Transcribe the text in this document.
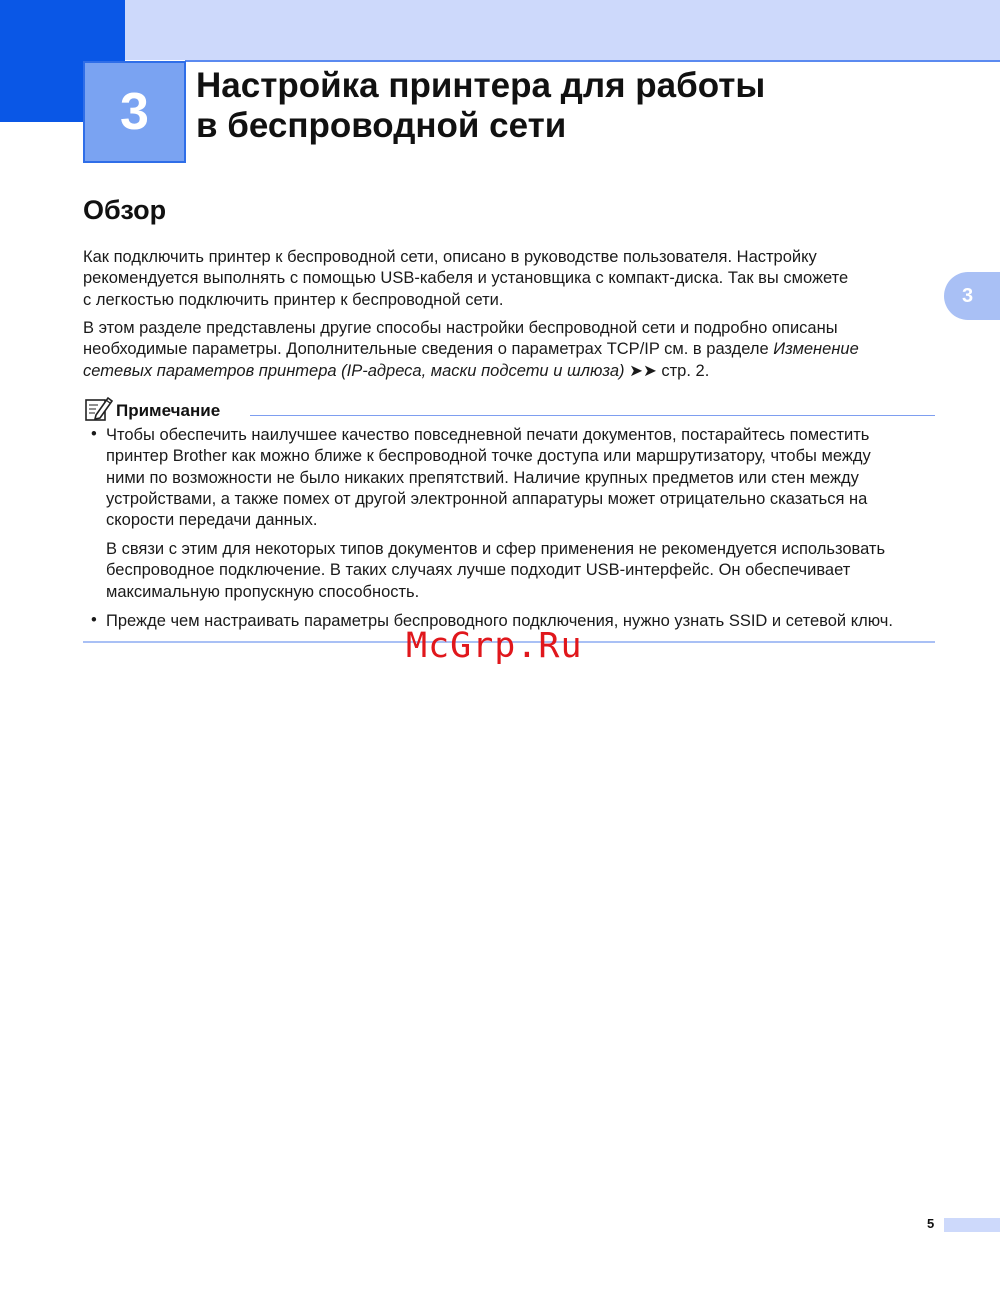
3 Настройка принтера для работы
в беспроводной сети
3
Обзор
Как подключить принтер к беспроводной сети, описано в руководстве пользователя. Настройку
рекомендуется выполнять с помощью USB-кабеля и установщика с компакт-диска. Так вы сможете
с легкостью подключить принтер к беспроводной сети.
В этом разделе представлены другие способы настройки беспроводной сети и подробно описаны
необходимые параметры. Дополнительные сведения о параметрах TCP/IP см. в разделе Изменение
сетевых параметров принтера (IP-адреса, маски подсети и шлюза) ➤➤ стр. 2.
Примечание
• Чтобы обеспечить наилучшее качество повседневной печати документов, постарайтесь поместить
принтер Brother как можно ближе к беспроводной точке доступа или маршрутизатору, чтобы между
ними по возможности не было никаких препятствий. Наличие крупных предметов или стен между
устройствами, а также помех от другой электронной аппаратуры может отрицательно сказаться на
скорости передачи данных.
В связи с этим для некоторых типов документов и сфер применения не рекомендуется использовать
беспроводное подключение. В таких случаях лучше подходит USB-интерфейс. Он обеспечивает
максимальную пропускную способность.
• Прежде чем настраивать параметры беспроводного подключения, нужно узнать SSID и сетевой ключ.
McGrp.Ru
5
